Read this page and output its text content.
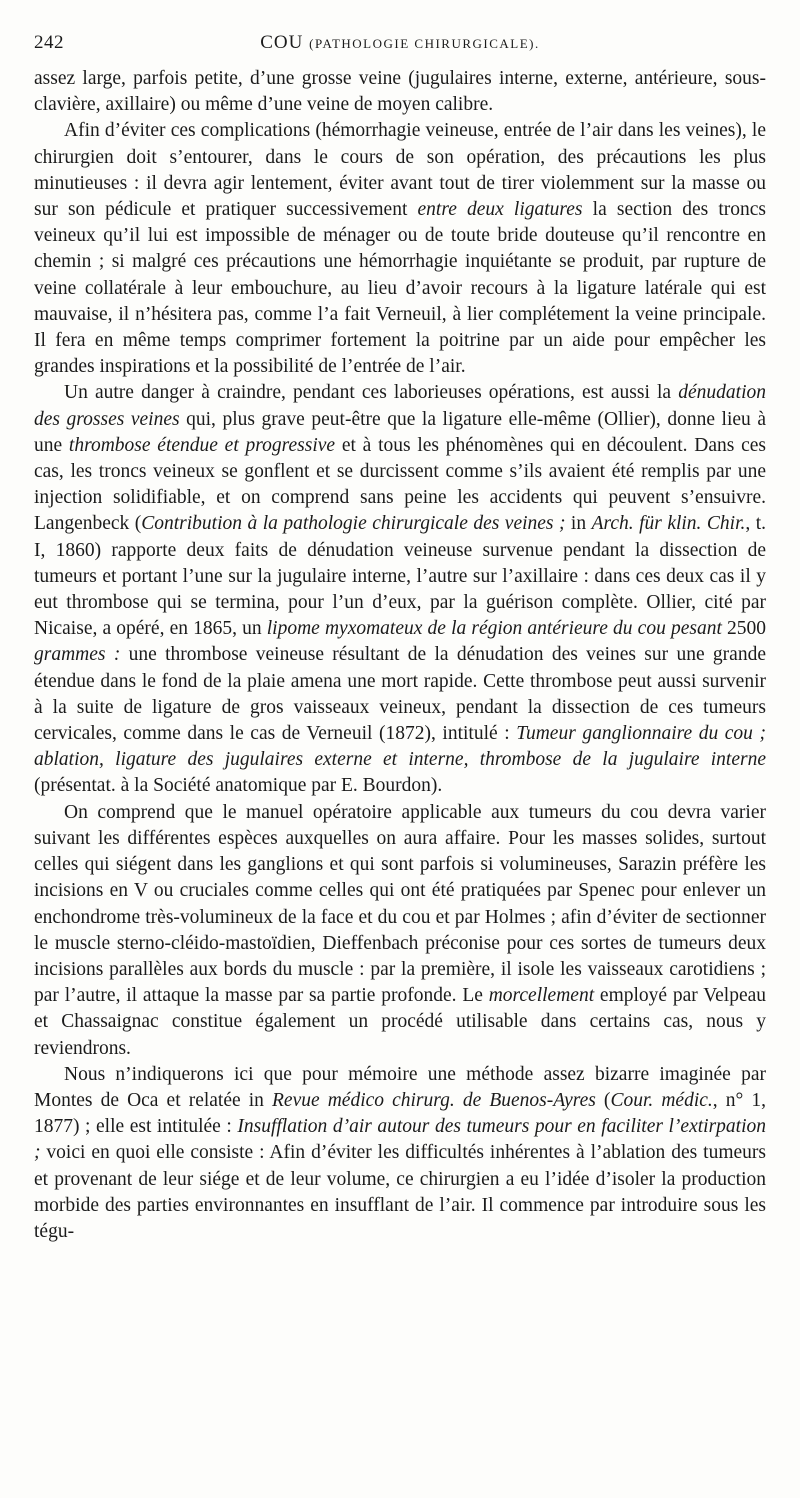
242	COU (PATHOLOGIE CHIRURGICALE).

assez large, parfois petite, d’une grosse veine (jugulaires interne, externe, antérieure, sous-clavière, axillaire) ou même d’une veine de moyen calibre.

Afin d’éviter ces complications (hémorrhagie veineuse, entrée de l’air dans les veines), le chirurgien doit s’entourer, dans le cours de son opération, des précautions les plus minutieuses : il devra agir lentement, éviter avant tout de tirer violemment sur la masse ou sur son pédicule et pratiquer successivement entre deux ligatures la section des troncs veineux qu’il lui est impossible de ménager ou de toute bride douteuse qu’il rencontre en chemin ; si malgré ces précautions une hémorrhagie inquiétante se produit, par rupture de veine collatérale à leur embouchure, au lieu d’avoir recours à la ligature latérale qui est mauvaise, il n’hésitera pas, comme l’a fait Verneuil, à lier complétement la veine principale. Il fera en même temps comprimer fortement la poitrine par un aide pour empêcher les grandes inspirations et la possibilité de l’entrée de l’air.

Un autre danger à craindre, pendant ces laborieuses opérations, est aussi la dénudation des grosses veines qui, plus grave peut-être que la ligature elle-même (Ollier), donne lieu à une thrombose étendue et progressive et à tous les phénomènes qui en découlent. Dans ces cas, les troncs veineux se gonflent et se durcissent comme s’ils avaient été remplis par une injection solidifiable, et on comprend sans peine les accidents qui peuvent s’ensuivre. Langenbeck (Contribution à la pathologie chirurgicale des veines ; in Arch. für klin. Chir., t. I, 1860) rapporte deux faits de dénudation veineuse survenue pendant la dissection de tumeurs et portant l’une sur la jugulaire interne, l’autre sur l’axillaire : dans ces deux cas il y eut thrombose qui se termina, pour l’un d’eux, par la guérison complète. Ollier, cité par Nicaise, a opéré, en 1865, un lipome myxomateux de la région antérieure du cou pesant 2500 grammes : une thrombose veineuse résultant de la dénudation des veines sur une grande étendue dans le fond de la plaie amena une mort rapide. Cette thrombose peut aussi survenir à la suite de ligature de gros vaisseaux veineux, pendant la dissection de ces tumeurs cervicales, comme dans le cas de Verneuil (1872), intitulé : Tumeur ganglionnaire du cou ; ablation, ligature des jugulaires externe et interne, thrombose de la jugulaire interne (présentat. à la Société anatomique par E. Bourdon).

On comprend que le manuel opératoire applicable aux tumeurs du cou devra varier suivant les différentes espèces auxquelles on aura affaire. Pour les masses solides, surtout celles qui siégent dans les ganglions et qui sont parfois si volumineuses, Sarazin préfère les incisions en V ou cruciales comme celles qui ont été pratiquées par Spenec pour enlever un enchondrome très-volumineux de la face et du cou et par Holmes ; afin d’éviter de sectionner le muscle sterno-cléido-mastoïdien, Dieffenbach préconise pour ces sortes de tumeurs deux incisions parallèles aux bords du muscle : par la première, il isole les vaisseaux carotidiens ; par l’autre, il attaque la masse par sa partie profonde. Le morcellement employé par Velpeau et Chassaignac constitue également un procédé utilisable dans certains cas, nous y reviendrons.

Nous n’indiquerons ici que pour mémoire une méthode assez bizarre imaginée par Montes de Oca et relatée in Revue médico chirurg. de Buenos-Ayres (Cour. médic., n° 1, 1877) ; elle est intitulée : Insufflation d’air autour des tumeurs pour en faciliter l’extirpation ; voici en quoi elle consiste : Afin d’éviter les difficultés inhérentes à l’ablation des tumeurs et provenant de leur siége et de leur volume, ce chirurgien a eu l’idée d’isoler la production morbide des parties environnantes en insufflant de l’air. Il commence par introduire sous les tégu-
